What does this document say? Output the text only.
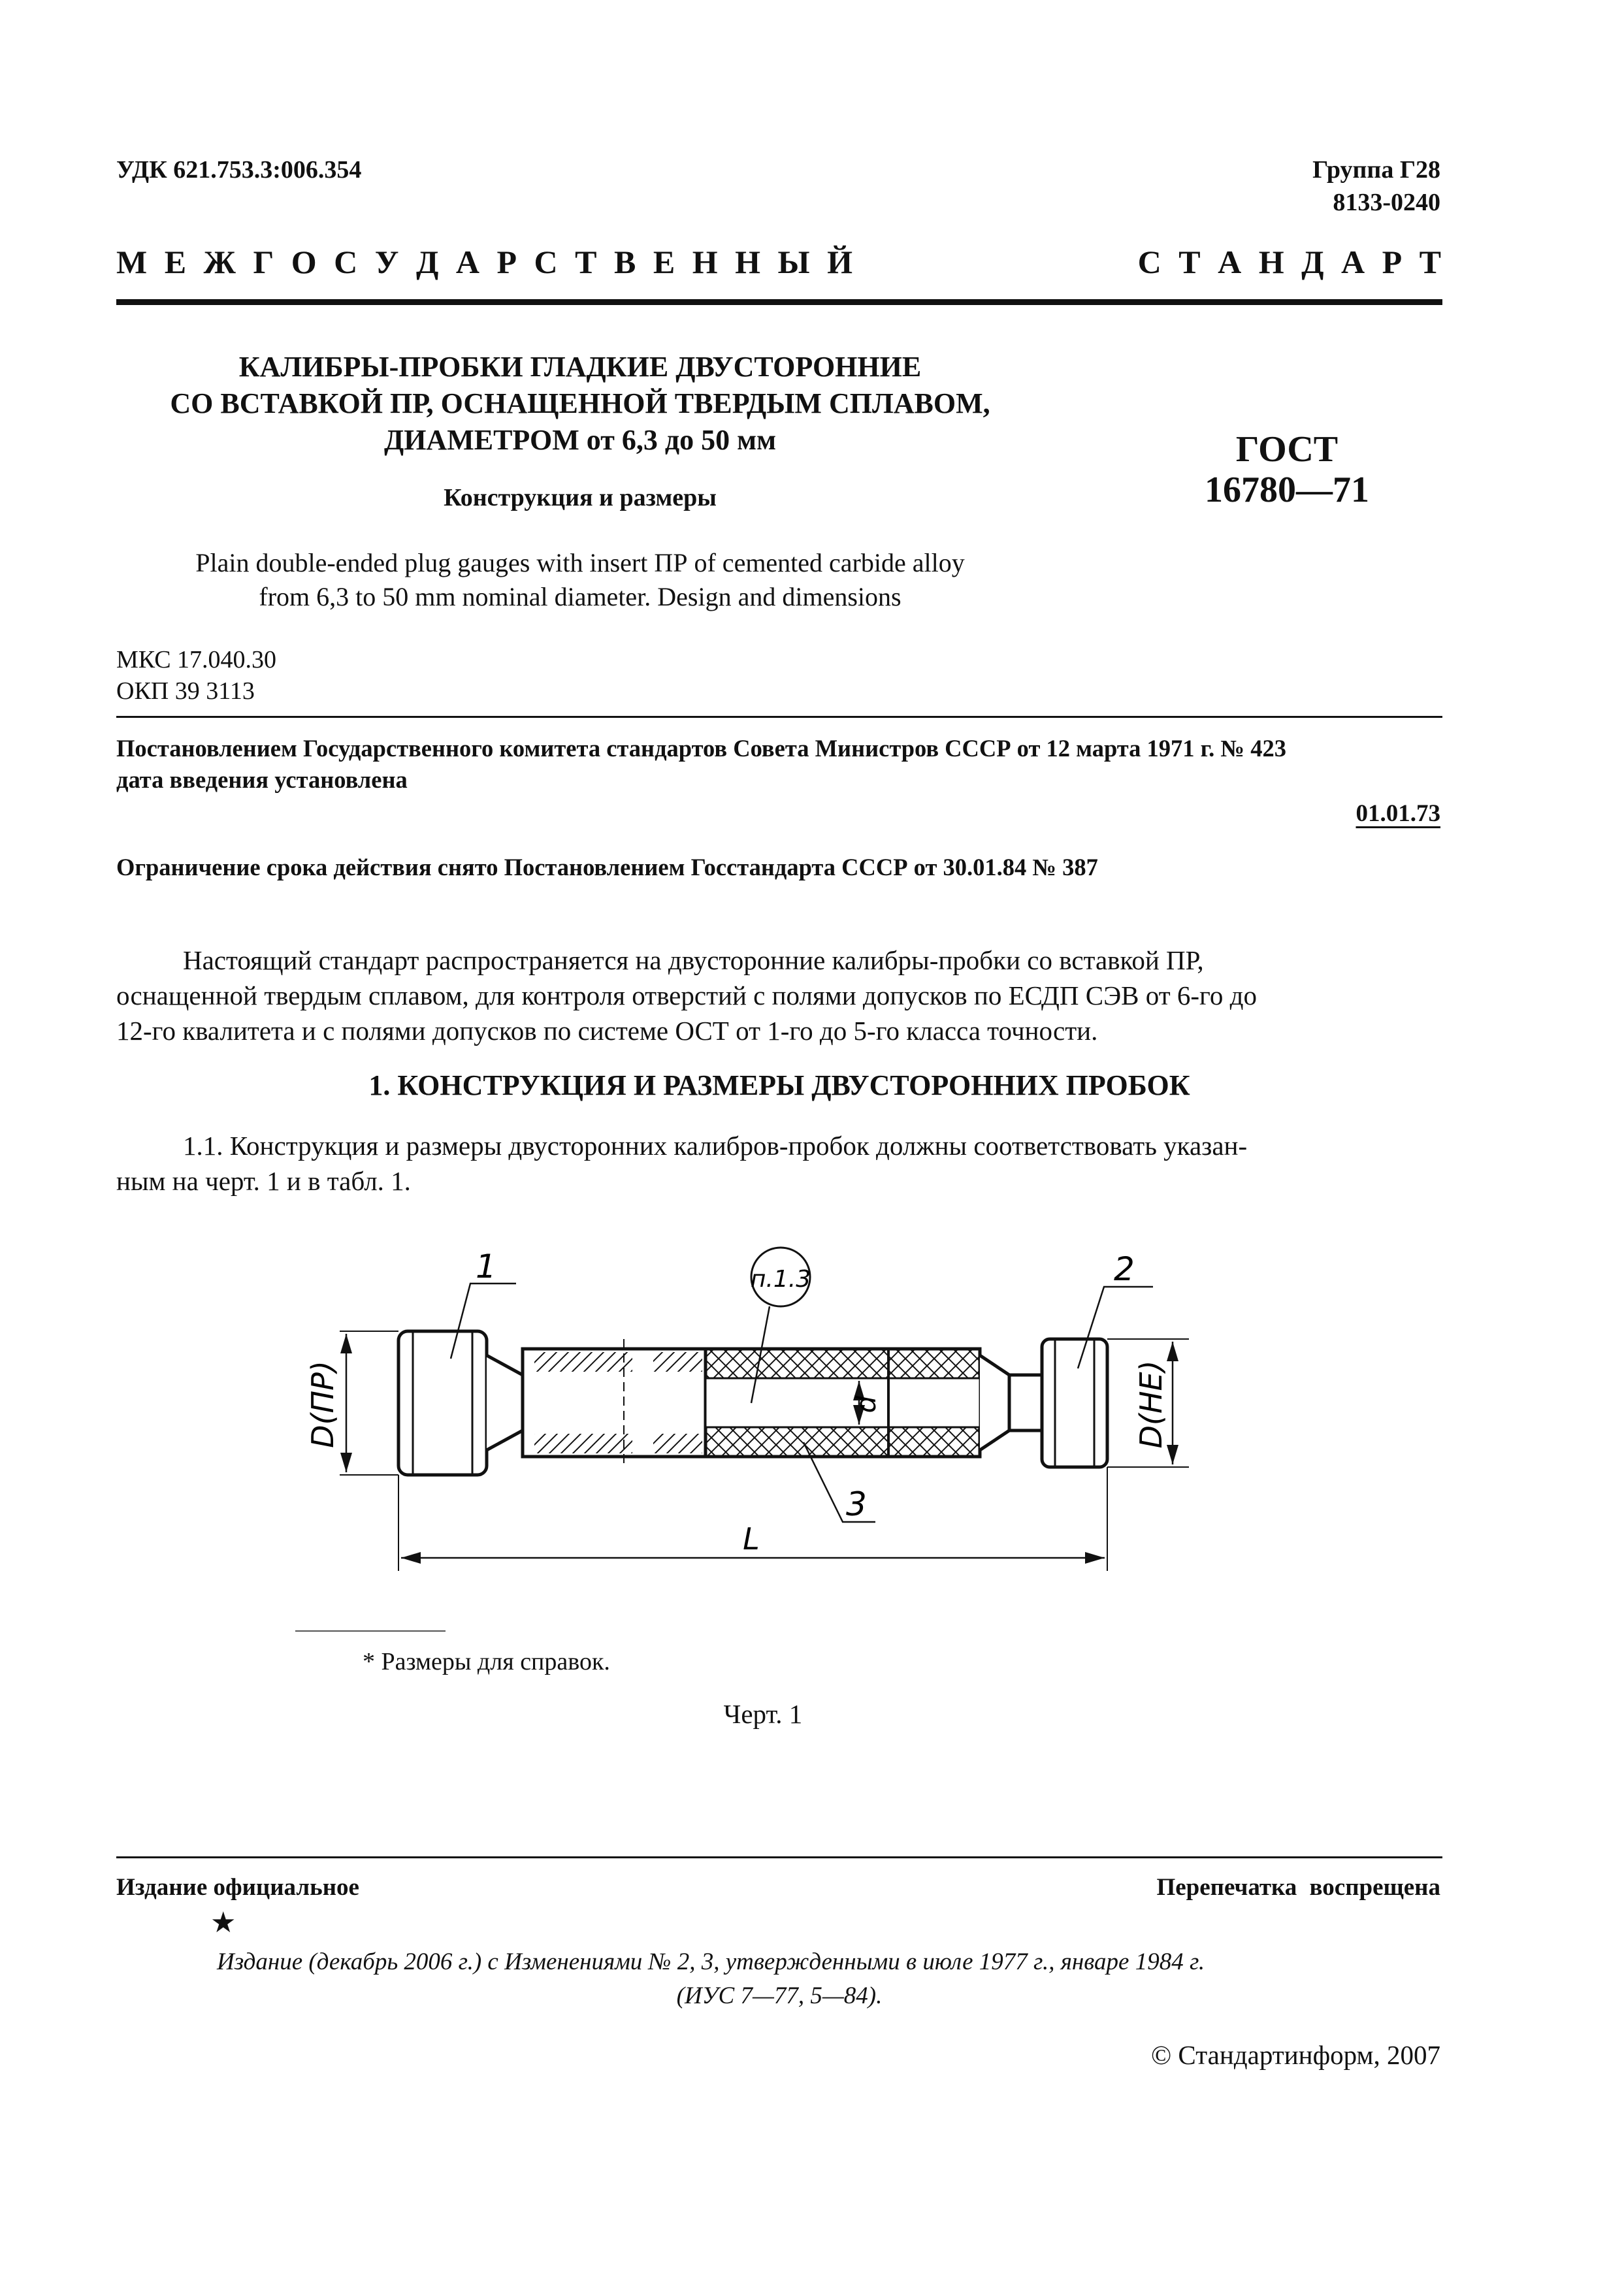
УДК 621.753.3:006.354	Группа Г28
8133-0240
М Е Ж Г О С У Д А Р С Т В Е Н Н Ы Й	С Т А Н Д А Р Т
КАЛИБРЫ-ПРОБКИ ГЛАДКИЕ ДВУСТОРОННИЕ
СО ВСТАВКОЙ ПР, ОСНАЩЕННОЙ ТВЕРДЫМ СПЛАВОМ,
ДИАМЕТРОМ от 6,3 до 50 мм
Конструкция и размеры
ГОСТ
16780—71
Plain double-ended plug gauges with insert ПР of cemented carbide alloy
from 6,3 to 50 mm nominal diameter. Design and dimensions
МКС 17.040.30
ОКП 39 3113
Постановлением Государственного комитета стандартов Совета Министров СССР от 12 марта 1971 г. № 423
дата введения установлена
01.01.73
Ограничение срока действия снято Постановлением Госстандарта СССР от 30.01.84 № 387
Настоящий стандарт распространяется на двусторонние калибры-пробки со вставкой ПР,
оснащенной твердым сплавом, для контроля отверстий с полями допусков по ЕСДП СЭВ от 6-го до
12-го квалитета и с полями допусков по системе ОСТ от 1-го до 5-го класса точности.
1. КОНСТРУКЦИЯ И РАЗМЕРЫ ДВУСТОРОННИХ ПРОБОК
1.1. Конструкция и размеры двусторонних калибров-пробок должны соответствовать указан-
ным на черт. 1 и в табл. 1.
D(ПР)	D(НЕ)
d
L
1	2
3
п.1.3
* Размеры для справок.
Черт. 1
Издание официальное	Перепечатка воспрещена
★
Издание (декабрь 2006 г.) с Изменениями № 2, 3, утвержденными в июле 1977 г., январе 1984 г.
(ИУС 7—77, 5—84).
© Стандартинформ, 2007
